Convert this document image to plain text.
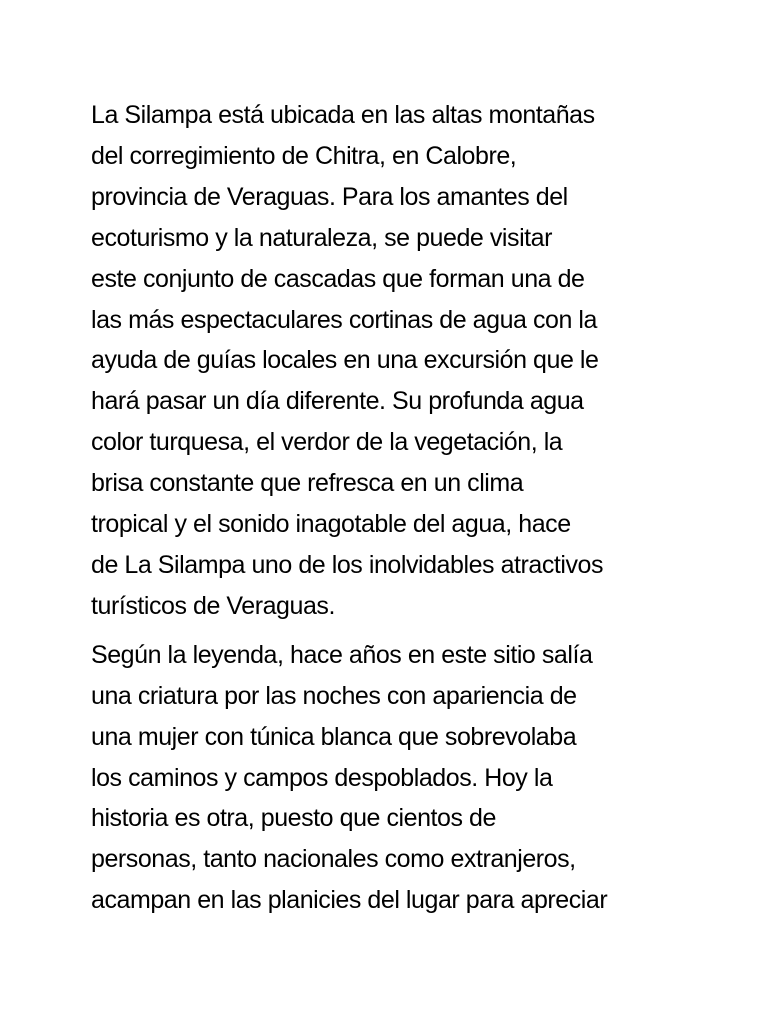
La Silampa está ubicada en las altas montañas
del corregimiento de Chitra, en Calobre,
provincia de Veraguas. Para los amantes del
ecoturismo y la naturaleza, se puede visitar
este conjunto de cascadas que forman una de
las más espectaculares cortinas de agua con la
ayuda de guías locales en una excursión que le
hará pasar un día diferente. Su profunda agua
color turquesa, el verdor de la vegetación, la
brisa constante que refresca en un clima
tropical y el sonido inagotable del agua, hace
de La Silampa uno de los inolvidables atractivos
turísticos de Veraguas.

Según la leyenda, hace años en este sitio salía
una criatura por las noches con apariencia de
una mujer con túnica blanca que sobrevolaba
los caminos y campos despoblados. Hoy la
historia es otra, puesto que cientos de
personas, tanto nacionales como extranjeros,
acampan en las planicies del lugar para apreciar
